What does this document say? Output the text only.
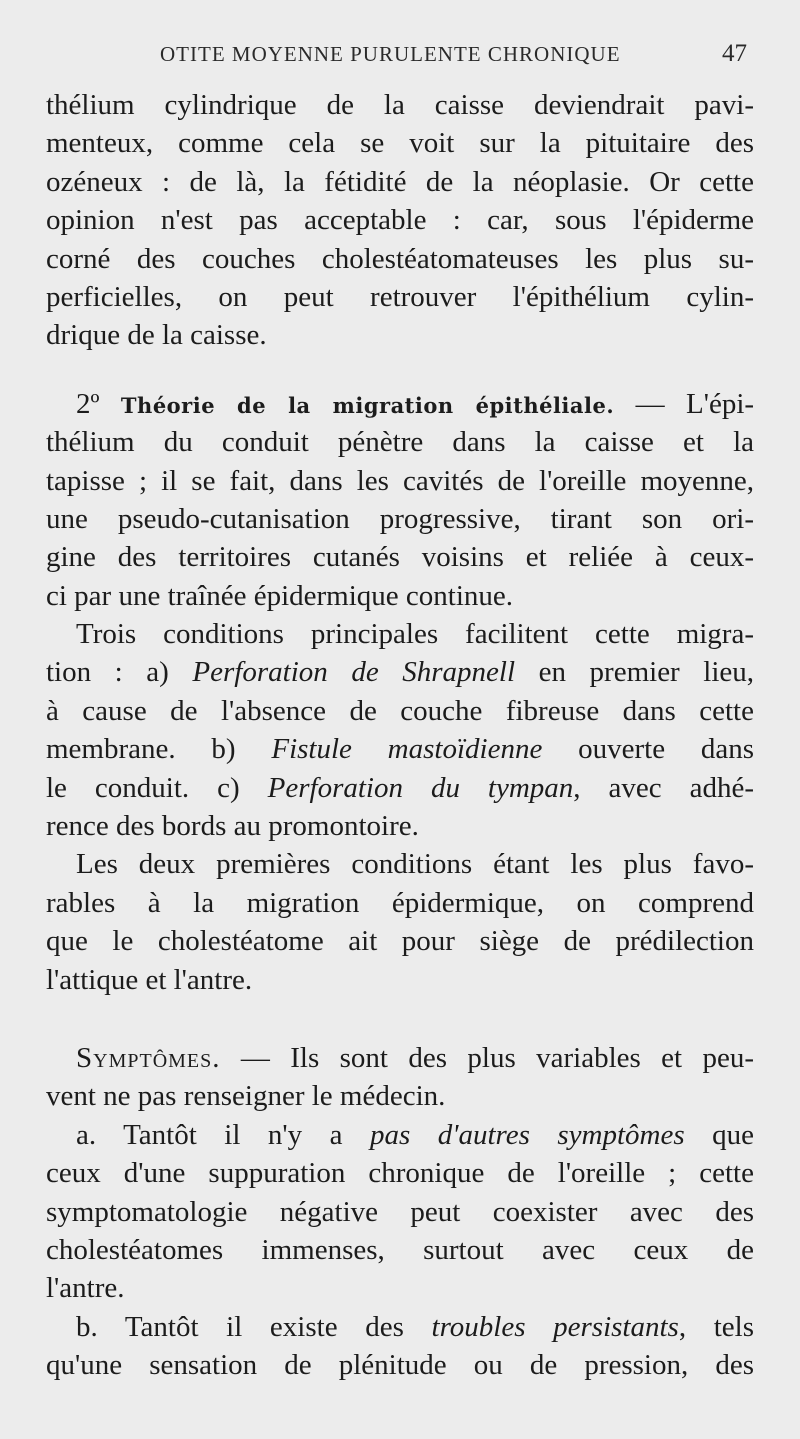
OTITE MOYENNE PURULENTE CHRONIQUE	47
thélium cylindrique de la caisse deviendrait pavi-
menteux, comme cela se voit sur la pituitaire des
ozéneux : de là, la fétidité de la néoplasie. Or cette
opinion n'est pas acceptable : car, sous l'épiderme
corné des couches cholestéatomateuses les plus su-
perficielles, on peut retrouver l'épithélium cylin-
drique de la caisse.
2º Théorie de la migration épithéliale. — L'épi-
thélium du conduit pénètre dans la caisse et la
tapisse ; il se fait, dans les cavités de l'oreille moyenne,
une pseudo-cutanisation progressive, tirant son ori-
gine des territoires cutanés voisins et reliée à ceux-
ci par une traînée épidermique continue.
Trois conditions principales facilitent cette migra-
tion : a) Perforation de Shrapnell en premier lieu,
à cause de l'absence de couche fibreuse dans cette
membrane. b) Fistule mastoïdienne ouverte dans
le conduit. c) Perforation du tympan, avec adhé-
rence des bords au promontoire.
Les deux premières conditions étant les plus favo-
rables à la migration épidermique, on comprend
que le cholestéatome ait pour siège de prédilection
l'attique et l'antre.
Symptômes. — Ils sont des plus variables et peu-
vent ne pas renseigner le médecin.
a. Tantôt il n'y a pas d'autres symptômes que
ceux d'une suppuration chronique de l'oreille ; cette
symptomatologie négative peut coexister avec des
cholestéatomes immenses, surtout avec ceux de
l'antre.
b. Tantôt il existe des troubles persistants, tels
qu'une sensation de plénitude ou de pression, des
